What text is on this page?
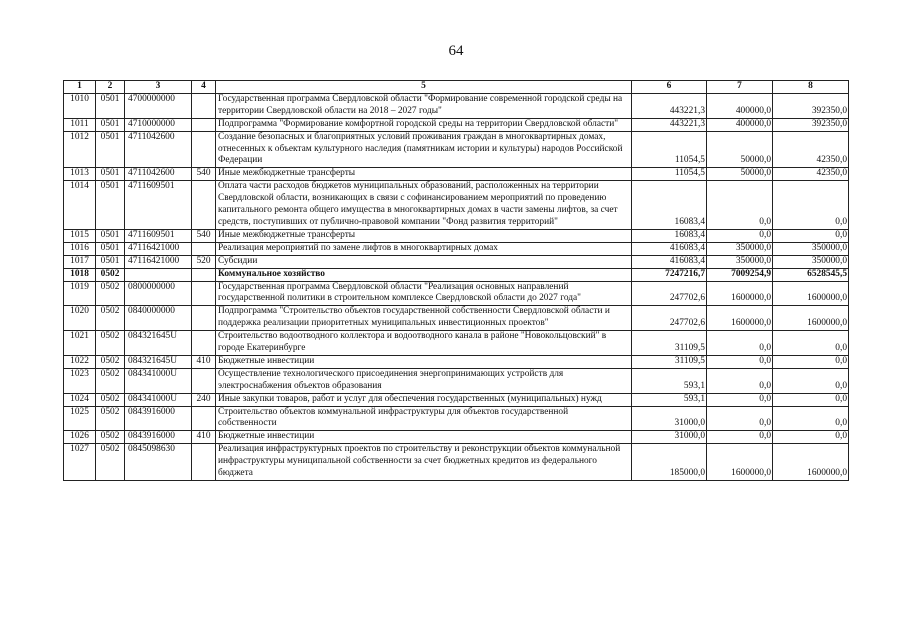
64
1	2	3	4	5	6	7	8
1010	0501	4700000000		Государственная программа Свердловской области "Формирование современной городской среды на территории Свердловской области на 2018 – 2027 годы"	443221,3	400000,0	392350,0
1011	0501	4710000000		Подпрограмма "Формирование комфортной городской среды на территории Свердловской области"	443221,3	400000,0	392350,0
1012	0501	4711042600		Создание безопасных и благоприятных условий проживания граждан в многоквартирных домах, отнесенных к объектам культурного наследия (памятникам истории и культуры) народов Российской Федерации	11054,5	50000,0	42350,0
1013	0501	4711042600	540	Иные межбюджетные трансферты	11054,5	50000,0	42350,0
1014	0501	4711609501		Оплата части расходов бюджетов муниципальных образований, расположенных на территории Свердловской области, возникающих в связи с софинансированием мероприятий по проведению капитального ремонта общего имущества в многоквартирных домах в части замены лифтов, за счет средств, поступивших от публично-правовой компании "Фонд развития территорий"	16083,4	0,0	0,0
1015	0501	4711609501	540	Иные межбюджетные трансферты	16083,4	0,0	0,0
1016	0501	47116421000		Реализация мероприятий по замене лифтов в многоквартирных домах	416083,4	350000,0	350000,0
1017	0501	47116421000	520	Субсидии	416083,4	350000,0	350000,0
1018	0502			Коммунальное хозяйство	7247216,7	7009254,9	6528545,5
1019	0502	0800000000		Государственная программа Свердловской области "Реализация основных направлений государственной политики в строительном комплексе Свердловской области до 2027 года"	247702,6	1600000,0	1600000,0
1020	0502	0840000000		Подпрограмма "Строительство объектов государственной собственности Свердловской области и поддержка реализации приоритетных муниципальных инвестиционных проектов"	247702,6	1600000,0	1600000,0
1021	0502	084321645U		Строительство водоотводного коллектора и водоотводного канала в районе "Новокольцовский" в городе Екатеринбурге	31109,5	0,0	0,0
1022	0502	084321645U	410	Бюджетные инвестиции	31109,5	0,0	0,0
1023	0502	084341000U		Осуществление технологического присоединения энергопринимающих устройств для электроснабжения объектов образования	593,1	0,0	0,0
1024	0502	084341000U	240	Иные закупки товаров, работ и услуг для обеспечения государственных (муниципальных) нужд	593,1	0,0	0,0
1025	0502	0843916000		Строительство объектов коммунальной инфраструктуры для объектов государственной собственности	31000,0	0,0	0,0
1026	0502	0843916000	410	Бюджетные инвестиции	31000,0	0,0	0,0
1027	0502	0845098630		Реализация инфраструктурных проектов по строительству и реконструкции объектов коммунальной инфраструктуры муниципальной собственности за счет бюджетных кредитов из федерального бюджета	185000,0	1600000,0	1600000,0
